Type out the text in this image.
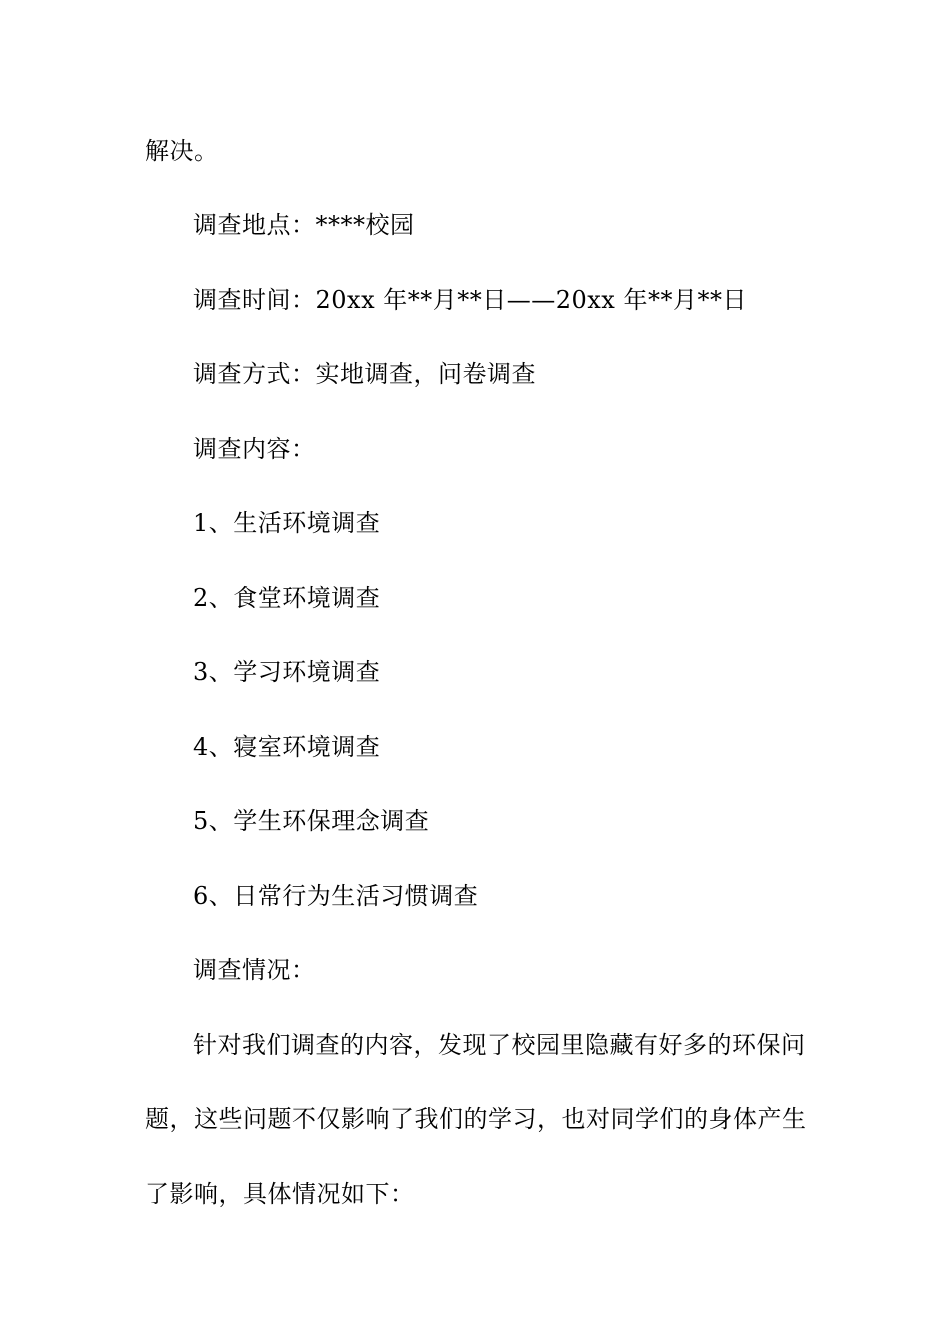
解决。
调查地点：****校园
调查时间：20xx 年**月**日——20xx 年**月**日
调查方式：实地调查，问卷调查
调查内容：
1、生活环境调查
2、食堂环境调查
3、学习环境调查
4、寝室环境调查
5、学生环保理念调查
6、日常行为生活习惯调查
调查情况：
针对我们调查的内容，发现了校园里隐藏有好多的环保问
题，这些问题不仅影响了我们的学习，也对同学们的身体产生
了影响，具体情况如下：
